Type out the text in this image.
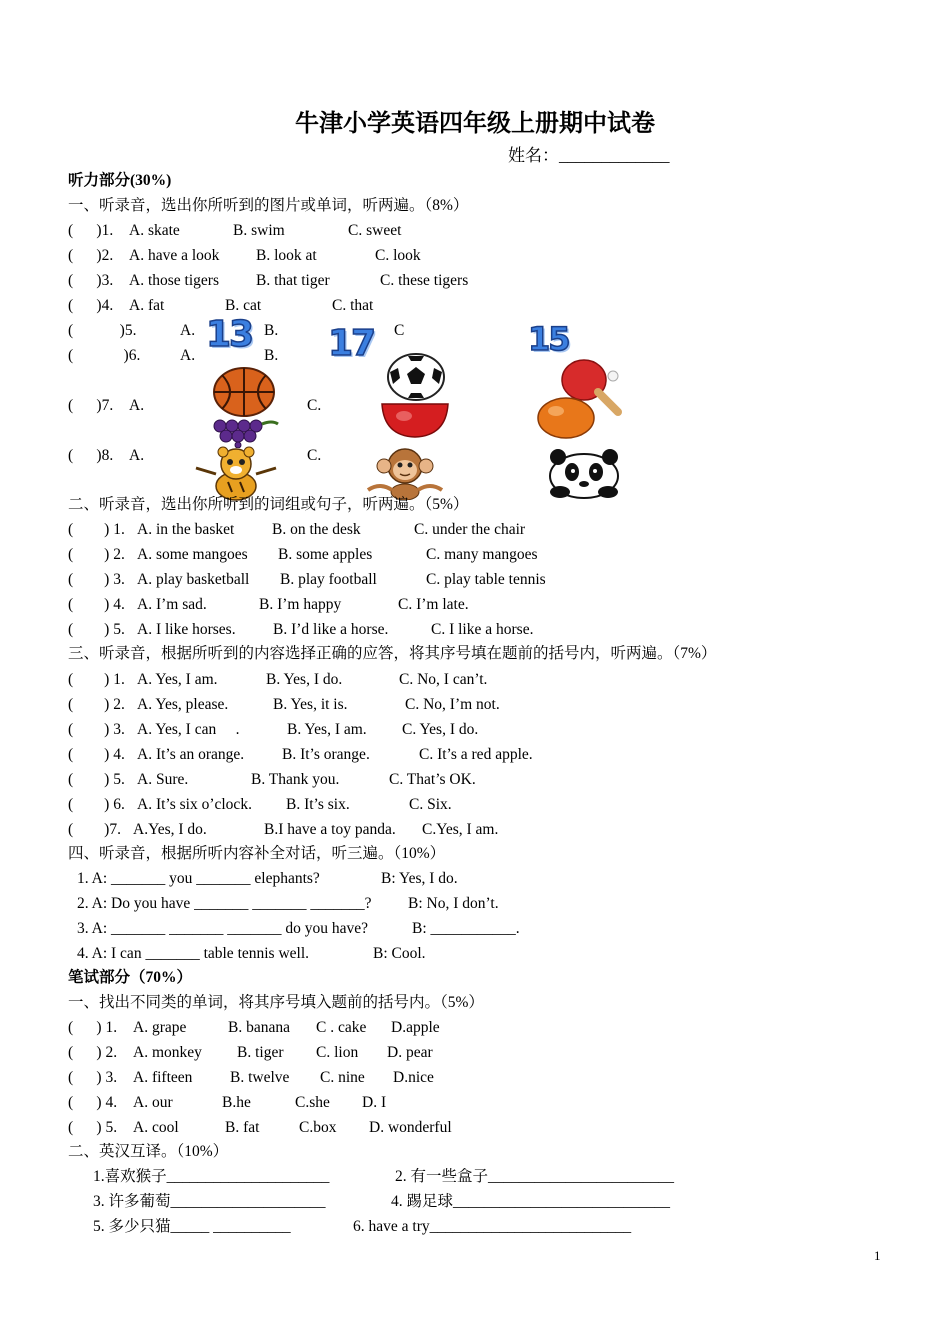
牛津小学英语四年级上册期中试卷
姓名：_____________
听力部分(30%)
一、听录音，选出你所听到的图片或单词，听两遍。（8%）
(      )1. A. skate	B. swim	C. sweet
(      )2. A. have a look B. look at	C. look
(      )3. A. those tigers B. that tiger	C. these tigers
(      )4. A. fat	B. cat	C. that
(            )5.	A.	B.	C
(             )6.	A.	B.
13 17	15
(      )7. A.	C.
(      )8. A.	C.
二、听录音，选出你所听到的词组或句子，听两遍。（5%）
(        ) 1. A. in the basket B. on the desk	C. under the chair
(        ) 2. A. some mangoes B. some apples	C. many mangoes
(        ) 3. A. play basketball B. play football	C. play table tennis
(        ) 4. A. I’m sad.	B. I’m happy	C. I’m late.
(        ) 5. A. I like horses. B. I’d like a horse.	C. I like a horse.
三、听录音，根据所听到的内容选择正确的应答，将其序号填在题前的括号内，听两遍。（7%）
(        ) 1. A. Yes, I am.	B. Yes, I do.	C. No, I can’t.
(        ) 2. A. Yes, please.	B. Yes, it is.	C. No, I’m not.
(        ) 3. A. Yes, I can     .	B. Yes, I am. C. Yes, I do.
(        ) 4. A. It’s an orange. B. It’s orange.	C. It’s a red apple.
(        ) 5. A. Sure.	B. Thank you.	C. That’s OK.
(        ) 6. A. It’s six o’clock. B. It’s six.	C. Six.
(        )7. A.Yes, I do.	B.I have a toy panda. C.Yes, I am.
四、听录音，根据所听内容补全对话，听三遍。（10%）
1. A: _______ you _______ elephants?	B: Yes, I do.
2. A: Do you have _______ _______ _______? B: No, I don’t.
3. A: _______ _______ _______ do you have?	B: ___________.
4. A: I can _______ table tennis well.	B: Cool.
笔试部分（70%）
一、找出不同类的单词，将其序号填入题前的括号内。（5%）
(      ) 1. A. grape	B. banana C . cake D.apple
(      ) 2. A. monkey B. tiger C. lion D. pear
(      ) 3. A. fifteen B. twelve C. nine D.nice
(      ) 4. A. our	B.he	C.she D. I
(      ) 5. A. cool	B. fat	C.box D. wonderful
二、英汉互译。（10%）
1.喜欢猴子_____________________	2. 有一些盒子________________________
3. 许多葡萄____________________	4. 踢足球____________________________
5. 多少只猫_____ __________	6. have a try__________________________
1
